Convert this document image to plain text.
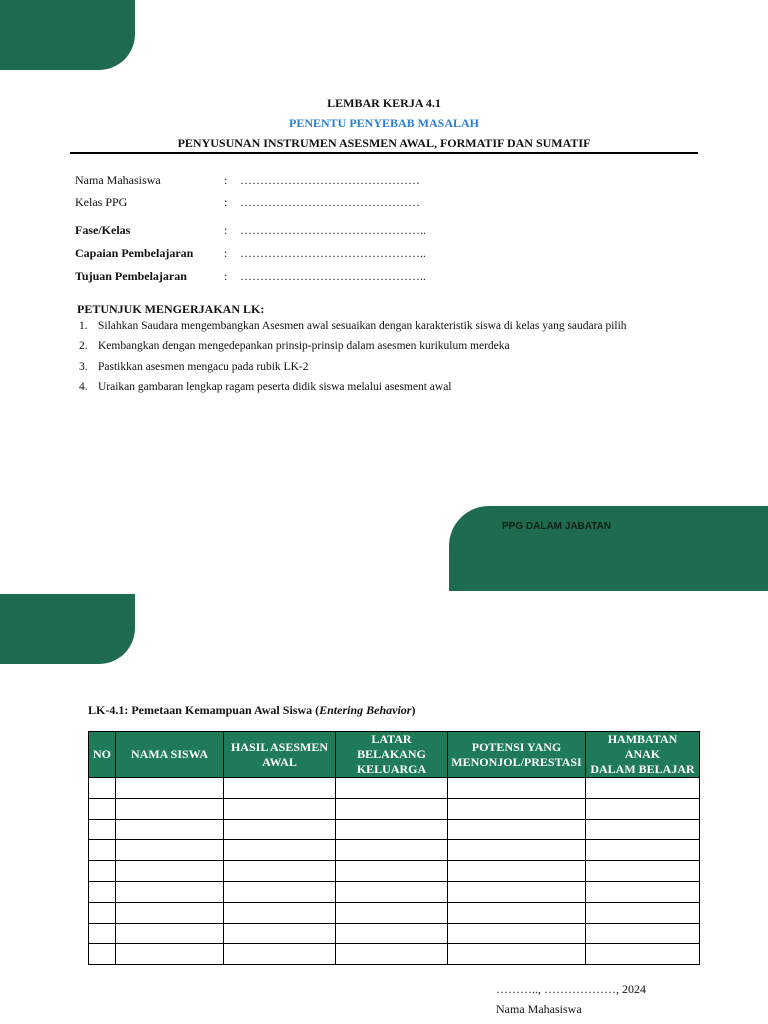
LEMBAR KERJA 4.1

PENENTU PENYEBAB MASALAH

PENYUSUNAN INSTRUMEN ASESMEN AWAL, FORMATIF DAN SUMATIF

Nama Mahasiswa	: ………………………………………
Kelas PPG	: ………………………………………
Fase/Kelas	: ………………………………………..
Capaian Pembelajaran	: ………………………………………..
Tujuan Pembelajaran	: ………………………………………..

PETUNJUK MENGERJAKAN LK:

1. Silahkan Saudara mengembangkan Asesmen awal sesuaikan dengan karakteristik siswa di kelas yang saudara pilih
2. Kembangkan dengan mengedepankan prinsip-prinsip dalam asesmen kurikulum merdeka
3. Pastikkan asesmen mengacu pada rubik LK-2
4. Uraikan gambaran lengkap ragam peserta didik siswa melalui asesment awal
PPG DALAM JABATAN

LK-4.1: Pemetaan Kemampuan Awal Siswa (Entering Behavior)

NO	NAMA SISWA	HASIL ASESMEN
AWAL	LATAR
BELAKANG
KELUARGA	POTENSI YANG
MENONJOL/PRESTASI	HAMBATAN
ANAK
DALAM BELAJAR

……….., ………………, 2024
Nama Mahasiswa
